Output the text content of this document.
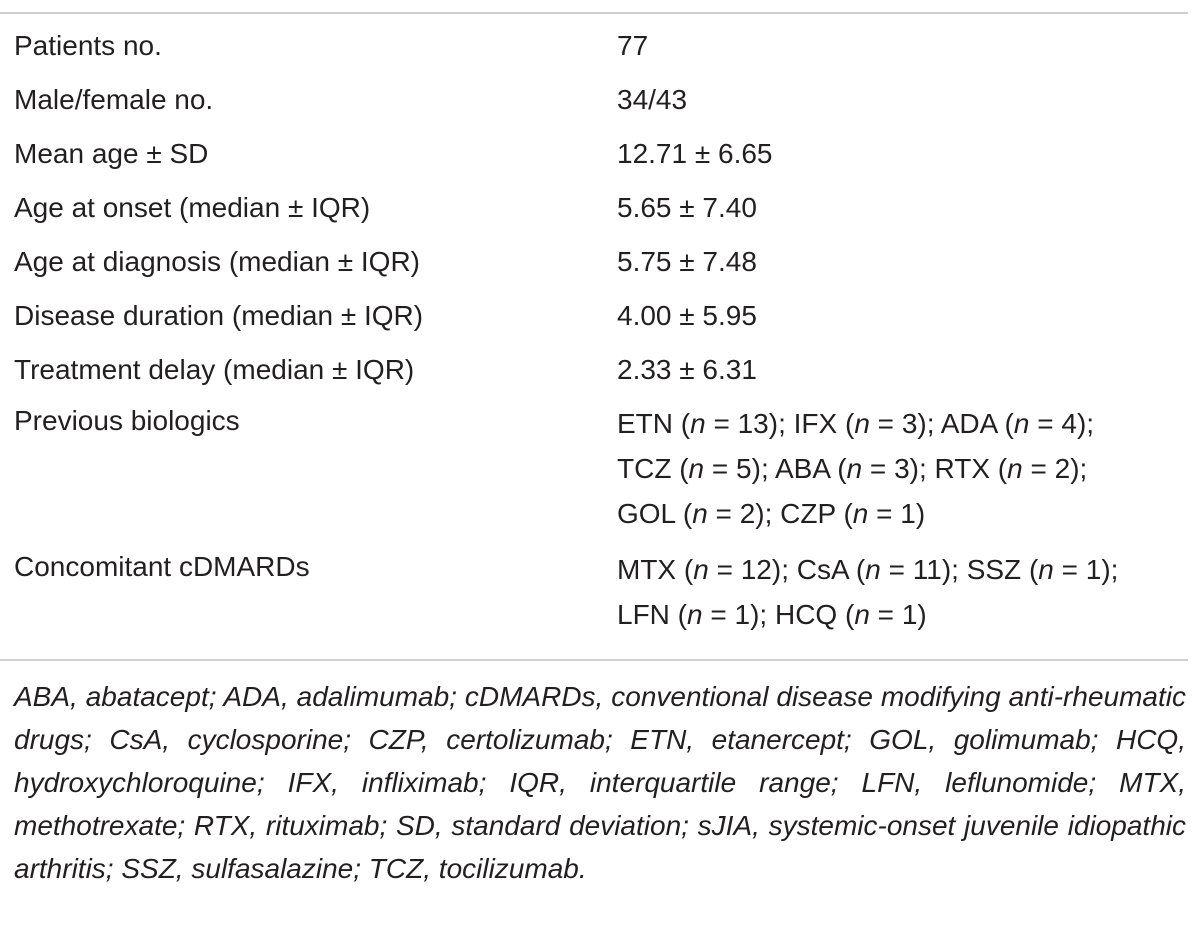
Patients no.	77
Male/female no.	34/43
Mean age ± SD	12.71 ± 6.65
Age at onset (median ± IQR)	5.65 ± 7.40
Age at diagnosis (median ± IQR)	5.75 ± 7.48
Disease duration (median ± IQR)	4.00 ± 5.95
Treatment delay (median ± IQR)	2.33 ± 6.31
Previous biologics	ETN (n = 13); IFX (n = 3); ADA (n = 4);
TCZ (n = 5); ABA (n = 3); RTX (n = 2);
GOL (n = 2); CZP (n = 1)
Concomitant cDMARDs	MTX (n = 12); CsA (n = 11); SSZ (n = 1);
LFN (n = 1); HCQ (n = 1)
ABA, abatacept; ADA, adalimumab; cDMARDs, conventional disease modifying anti-rheumatic drugs; CsA, cyclosporine; CZP, certolizumab; ETN, etanercept; GOL, golimumab; HCQ, hydroxychloroquine; IFX, infliximab; IQR, interquartile range; LFN, leflunomide; MTX, methotrexate; RTX, rituximab; SD, standard deviation; sJIA, systemic-onset juvenile idiopathic arthritis; SSZ, sulfasalazine; TCZ, tocilizumab.
